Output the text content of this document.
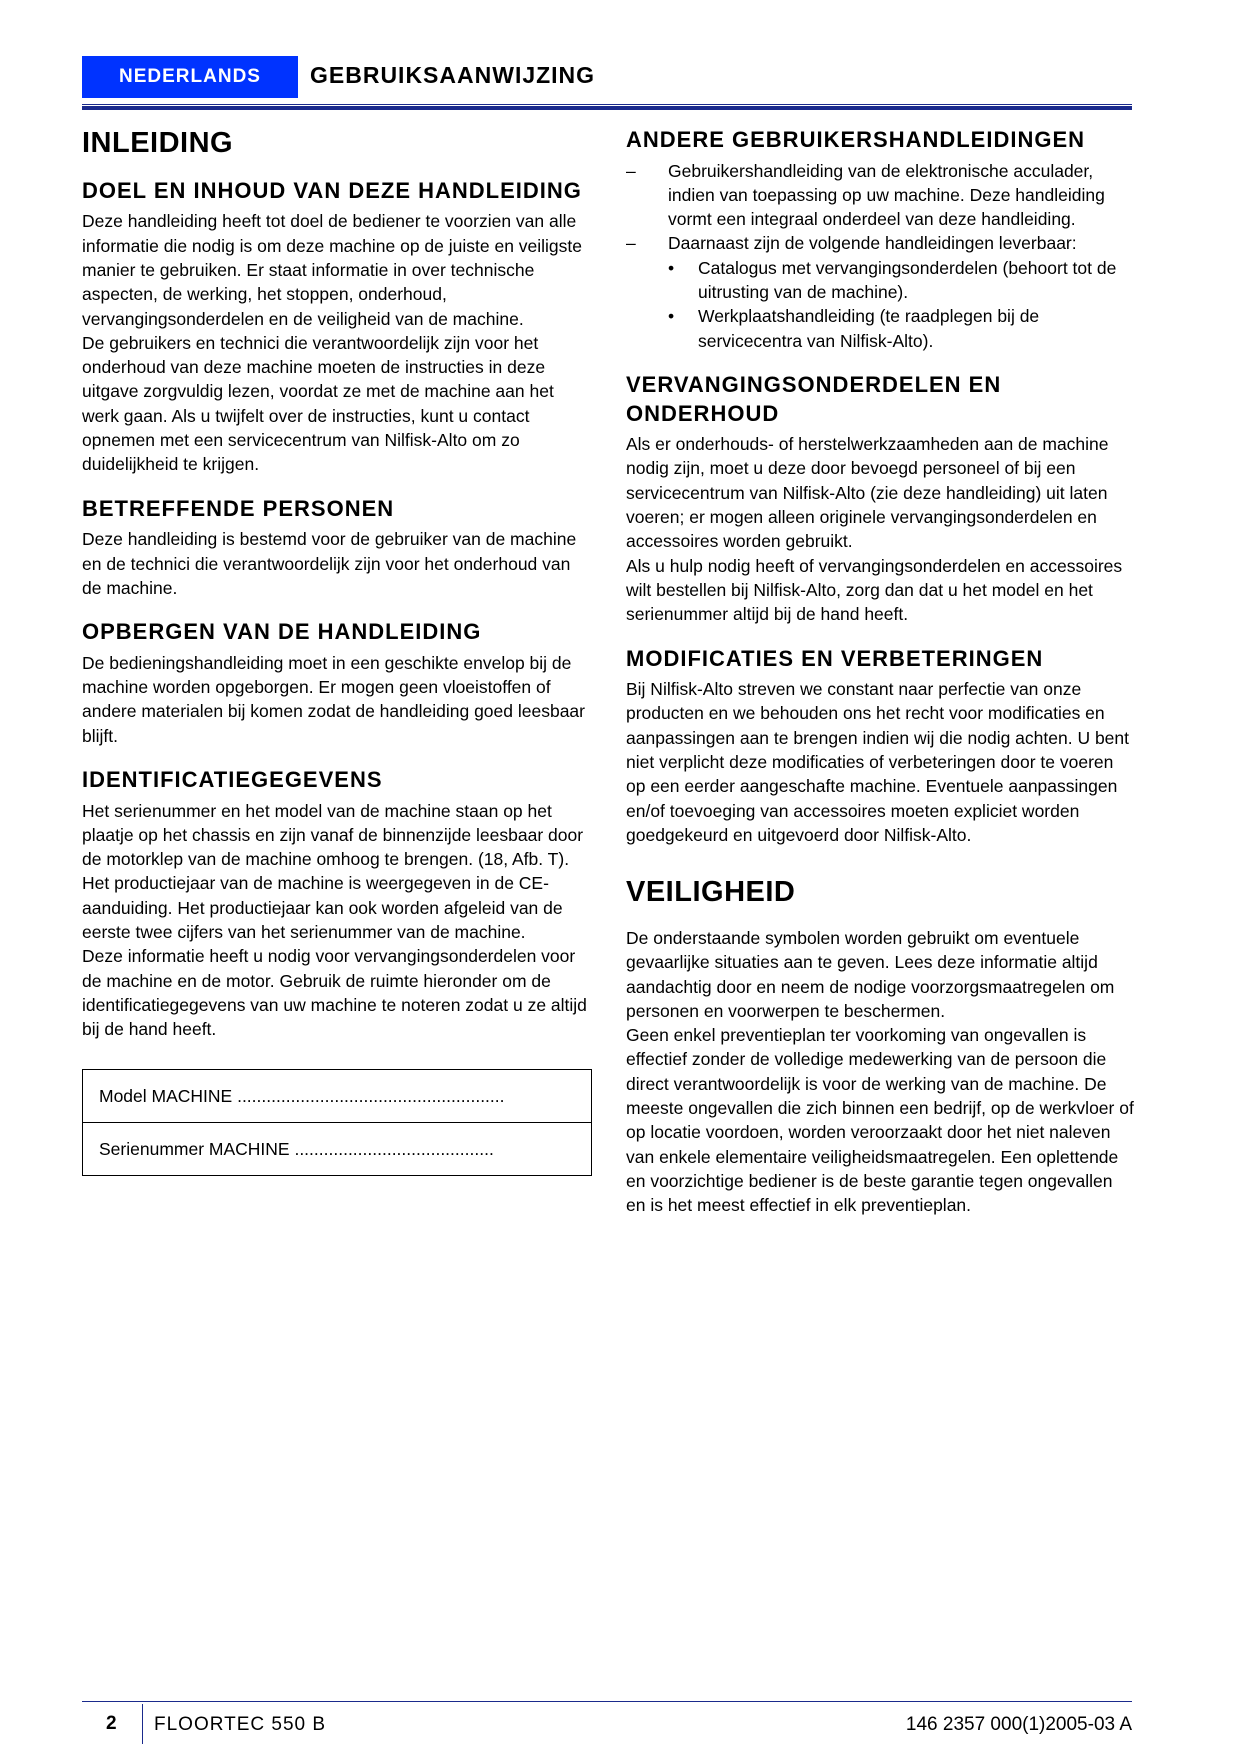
NEDERLANDS	GEBRUIKSAANWIJZING
INLEIDING
DOEL EN INHOUD VAN DEZE HANDLEIDING

Deze handleiding heeft tot doel de bediener te voorzien van alle informatie die nodig is om deze machine op de juiste en veiligste manier te gebruiken. Er staat informatie in over technische aspecten, de werking, het stoppen, onderhoud, vervangingsonderdelen en de veiligheid van de machine.

De gebruikers en technici die verantwoordelijk zijn voor het onderhoud van deze machine moeten de instructies in deze uitgave zorgvuldig lezen, voordat ze met de machine aan het werk gaan. Als u twijfelt over de instructies, kunt u contact opnemen met een servicecentrum van Nilfisk-Alto om zo duidelijkheid te krijgen.

BETREFFENDE PERSONEN

Deze handleiding is bestemd voor de gebruiker van de machine en de technici die verantwoordelijk zijn voor het onderhoud van de machine.

OPBERGEN VAN DE HANDLEIDING

De bedieningshandleiding moet in een geschikte envelop bij de machine worden opgeborgen. Er mogen geen vloeistoffen of andere materialen bij komen zodat de handleiding goed leesbaar blijft.

IDENTIFICATIEGEGEVENS

Het serienummer en het model van de machine staan op het plaatje op het chassis en zijn vanaf de binnenzijde leesbaar door de motorklep van de machine omhoog te brengen. (18, Afb. T).

Het productiejaar van de machine is weergegeven in de CE-aanduiding. Het productiejaar kan ook worden afgeleid van de eerste twee cijfers van het serienummer van de machine.

Deze informatie heeft u nodig voor vervangingsonderdelen voor de machine en de motor. Gebruik de ruimte hieronder om de identificatiegegevens van uw machine te noteren zodat u ze altijd bij de hand heeft.

Model MACHINE .......................................................
Serienummer MACHINE .........................................
ANDERE GEBRUIKERSHANDLEIDINGEN
– Gebruikershandleiding van de elektronische acculader, indien van toepassing op uw machine. Deze handleiding vormt een integraal onderdeel van deze handleiding.
– Daarnaast zijn de volgende handleidingen leverbaar:
• Catalogus met vervangingsonderdelen (behoort tot de uitrusting van de machine).
• Werkplaatshandleiding (te raadplegen bij de servicecentra van Nilfisk-Alto).
VERVANGINGSONDERDELEN EN ONDERHOUD

Als er onderhouds- of herstelwerkzaamheden aan de machine nodig zijn, moet u deze door bevoegd personeel of bij een servicecentrum van Nilfisk-Alto (zie deze handleiding) uit laten voeren; er mogen alleen originele vervangingsonderdelen en accessoires worden gebruikt.

Als u hulp nodig heeft of vervangingsonderdelen en accessoires wilt bestellen bij Nilfisk-Alto, zorg dan dat u het model en het serienummer altijd bij de hand heeft.

MODIFICATIES EN VERBETERINGEN

Bij Nilfisk-Alto streven we constant naar perfectie van onze producten en we behouden ons het recht voor modificaties en aanpassingen aan te brengen indien wij die nodig achten. U bent niet verplicht deze modificaties of verbeteringen door te voeren op een eerder aangeschafte machine. Eventuele aanpassingen en/of toevoeging van accessoires moeten expliciet worden goedgekeurd en uitgevoerd door Nilfisk-Alto.

VEILIGHEID

De onderstaande symbolen worden gebruikt om eventuele gevaarlijke situaties aan te geven. Lees deze informatie altijd aandachtig door en neem de nodige voorzorgsmaatregelen om personen en voorwerpen te beschermen.

Geen enkel preventieplan ter voorkoming van ongevallen is effectief zonder de volledige medewerking van de persoon die direct verantwoordelijk is voor de werking van de machine. De meeste ongevallen die zich binnen een bedrijf, op de werkvloer of op locatie voordoen, worden veroorzaakt door het niet naleven van enkele elementaire veiligheidsmaatregelen. Een oplettende en voorzichtige bediener is de beste garantie tegen ongevallen en is het meest effectief in elk preventieplan.

2 FLOORTEC 550 B	146 2357 000(1)2005-03 A
